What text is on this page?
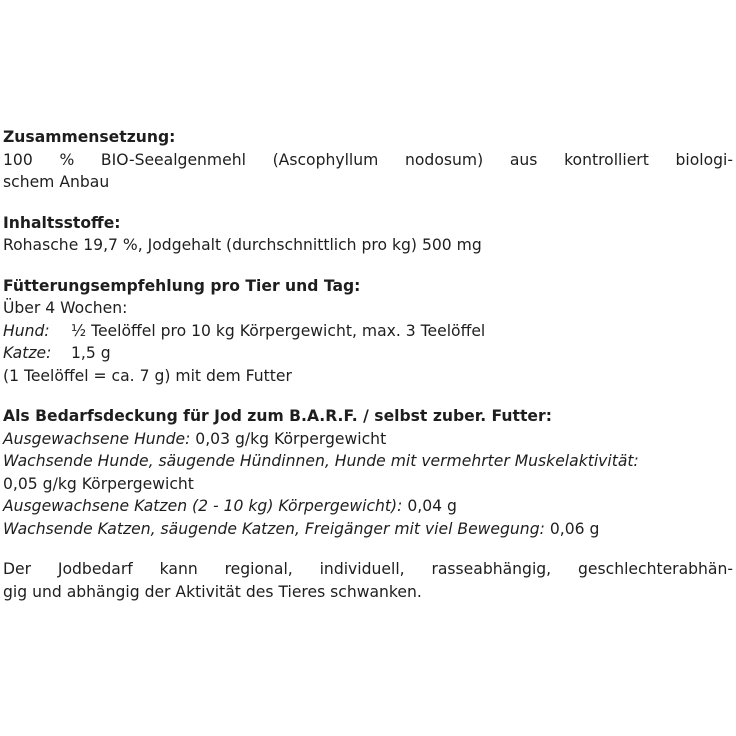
Zusammensetzung:
100 % BIO-Seealgenmehl (Ascophyllum nodosum) aus kontrolliert biologi-
schem Anbau
Inhaltsstoffe:
Rohasche 19,7 %, Jodgehalt (durchschnittlich pro kg) 500 mg
Fütterungsempfehlung pro Tier und Tag:
Über 4 Wochen:
Hund: ½ Teelöffel pro 10 kg Körpergewicht, max. 3 Teelöffel
Katze: 1,5 g
(1 Teelöffel = ca. 7 g) mit dem Futter
Als Bedarfsdeckung für Jod zum B.A.R.F. / selbst zuber. Futter:
Ausgewachsene Hunde: 0,03 g/kg Körpergewicht
Wachsende Hunde, säugende Hündinnen, Hunde mit vermehrter Muskelaktivität:
0,05 g/kg Körpergewicht
Ausgewachsene Katzen (2 - 10 kg) Körpergewicht): 0,04 g
Wachsende Katzen, säugende Katzen, Freigänger mit viel Bewegung: 0,06 g
Der Jodbedarf kann regional, individuell, rasseabhängig, geschlechterabhän-
gig und abhängig der Aktivität des Tieres schwanken.
